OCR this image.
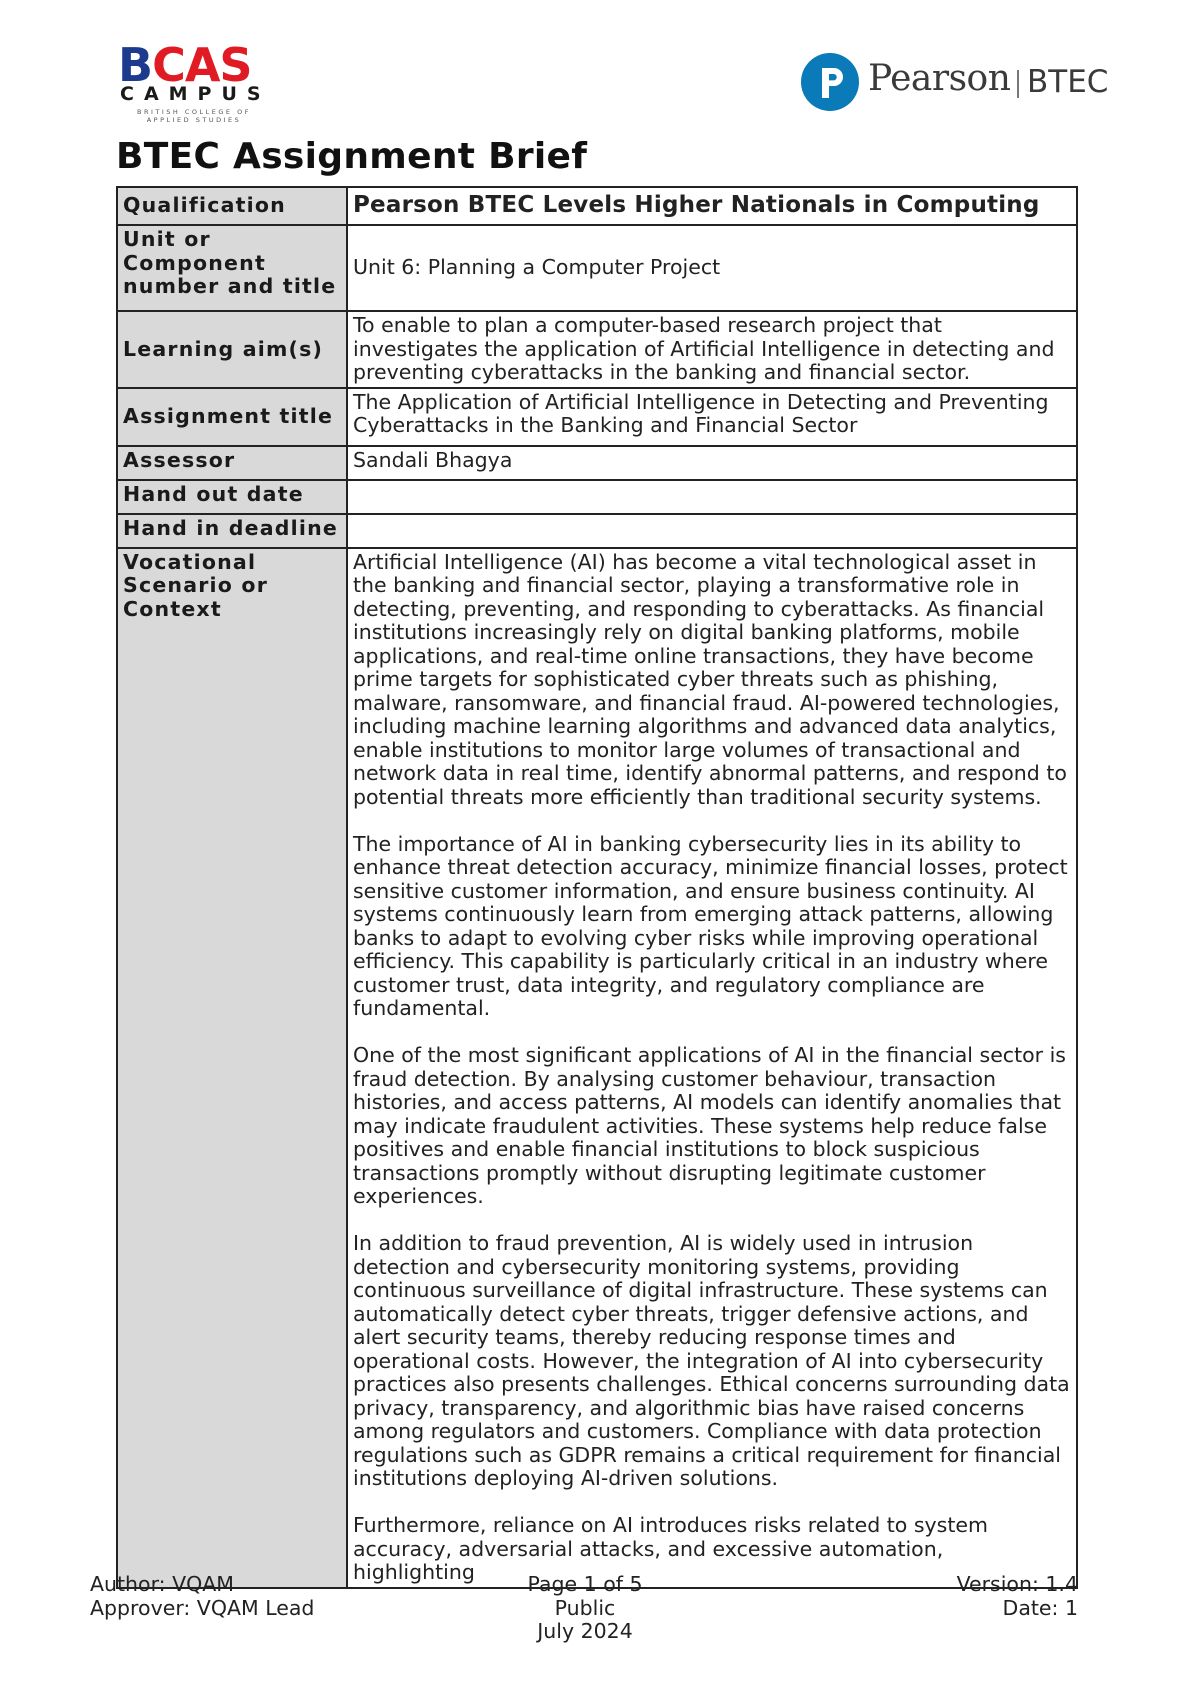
BCAS
CAMPUS
BRITISH COLLEGE OF
APPLIED STUDIES
Pearson BTEC
BTEC Assignment Brief
Qualification	Pearson BTEC Levels Higher Nationals in Computing
Unit or Component number and title	Unit 6: Planning a Computer Project
Learning aim(s)	To enable to plan a computer-based research project that investigates the application of Artificial Intelligence in detecting and preventing cyberattacks in the banking and financial sector.
Assignment title	The Application of Artificial Intelligence in Detecting and Preventing Cyberattacks in the Banking and Financial Sector
Assessor	Sandali Bhagya
Hand out date	
Hand in deadline	
Vocational Scenario or Context	Artificial Intelligence (AI) has become a vital technological asset in the banking and financial sector, playing a transformative role in detecting, preventing, and responding to cyberattacks. As financial institutions increasingly rely on digital banking platforms, mobile applications, and real-time online transactions, they have become prime targets for sophisticated cyber threats such as phishing, malware, ransomware, and financial fraud. AI-powered technologies, including machine learning algorithms and advanced data analytics, enable institutions to monitor large volumes of transactional and network data in real time, identify abnormal patterns, and respond to potential threats more efficiently than traditional security systems.

The importance of AI in banking cybersecurity lies in its ability to enhance threat detection accuracy, minimize financial losses, protect sensitive customer information, and ensure business continuity. AI systems continuously learn from emerging attack patterns, allowing banks to adapt to evolving cyber risks while improving operational efficiency. This capability is particularly critical in an industry where customer trust, data integrity, and regulatory compliance are fundamental.

One of the most significant applications of AI in the financial sector is fraud detection. By analysing customer behaviour, transaction histories, and access patterns, AI models can identify anomalies that may indicate fraudulent activities. These systems help reduce false positives and enable financial institutions to block suspicious transactions promptly without disrupting legitimate customer experiences.

In addition to fraud prevention, AI is widely used in intrusion detection and cybersecurity monitoring systems, providing continuous surveillance of digital infrastructure. These systems can automatically detect cyber threats, trigger defensive actions, and alert security teams, thereby reducing response times and operational costs. However, the integration of AI into cybersecurity practices also presents challenges. Ethical concerns surrounding data privacy, transparency, and algorithmic bias have raised concerns among regulators and customers. Compliance with data protection regulations such as GDPR remains a critical requirement for financial institutions deploying AI-driven solutions.

Furthermore, reliance on AI introduces risks related to system accuracy, adversarial attacks, and excessive automation, highlighting

Author: VQAM
Approver: VQAM Lead
Page 1 of 5
Public
July 2024
Version: 1.4
Date: 1
